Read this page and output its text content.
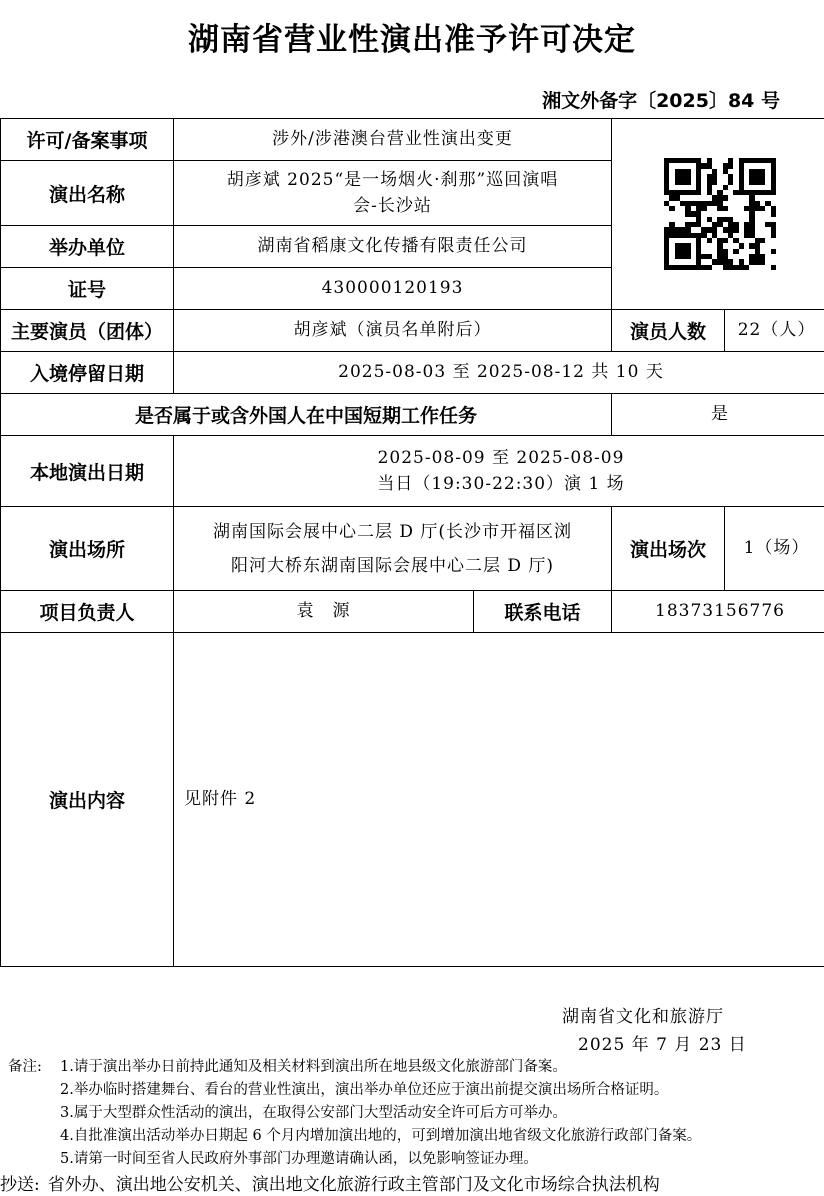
湖南省营业性演出准予许可决定
湘文外备字〔2025〕84 号
许可/备案事项	涉外/涉港澳台营业性演出变更			

演出名称	胡彦斌 2025“是一场烟火·刹那”巡回演唱
会-长沙站			

举办单位	湖南省稻康文化传播有限责任公司			
证号	430000120193			
主要演员（团体）	胡彦斌（演员名单附后）		演员人数	22（人）
入境停留日期	2025-08-03 至 2025-08-12 共 10 天			
是否属于或含外国人在中国短期工作任务			是	
本地演出日期	2025-08-09 至 2025-08-09
当日（19:30-22:30）演 1 场			

演出场所	湖南国际会展中心二层 D 厅(长沙市开福区浏
阳河大桥东湖南国际会展中心二层 D 厅)		演出场次	1（场）
项目负责人	袁　源	联系电话	18373156776	
演出内容	见附件 2			
湖南省文化和旅游厅
2025 年 7 月 23 日
备注:	1.请于演出举办日前持此通知及相关材料到演出所在地县级文化旅游部门备案。
2.举办临时搭建舞台、看台的营业性演出，演出举办单位还应于演出前提交演出场所合格证明。
3.属于大型群众性活动的演出，在取得公安部门大型活动安全许可后方可举办。
4.自批准演出活动举办日期起 6 个月内增加演出地的，可到增加演出地省级文化旅游行政部门备案。
5.请第一时间至省人民政府外事部门办理邀请确认函，以免影响签证办理。
抄送: 省外办、演出地公安机关、演出地文化旅游行政主管部门及文化市场综合执法机构
